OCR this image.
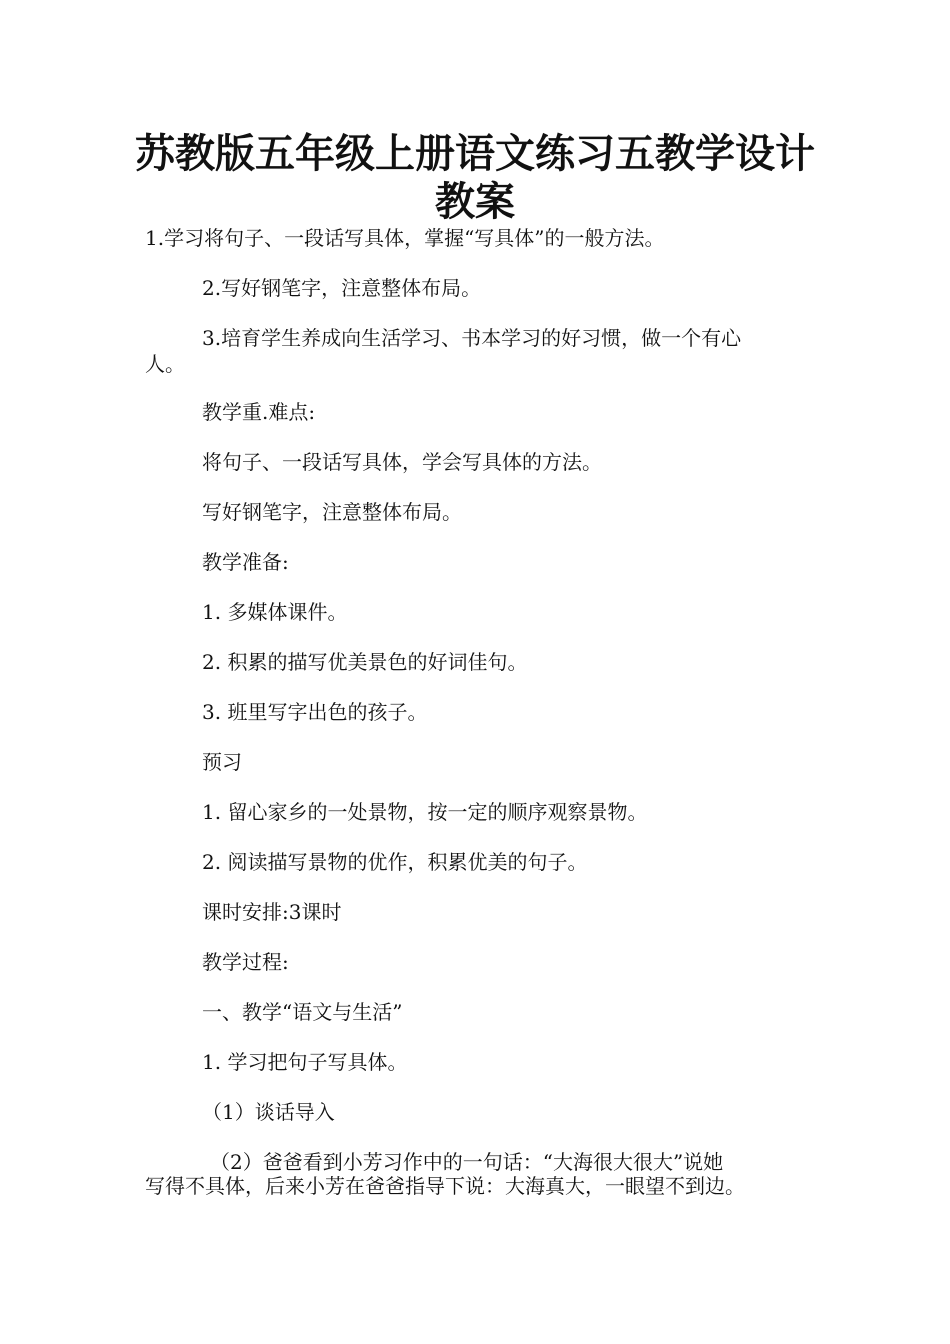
苏教版五年级上册语文练习五教学设计
教案

1.学习将句子、一段话写具体，掌握“写具体”的一般方法。

2.写好钢笔字，注意整体布局。

3.培育学生养成向生活学习、书本学习的好习惯，做一个有心

人。

教学重.难点:

将句子、一段话写具体，学会写具体的方法。

写好钢笔字，注意整体布局。

教学准备:

1. 多媒体课件。

2. 积累的描写优美景色的好词佳句。

3. 班里写字出色的孩子。

预习

1. 留心家乡的一处景物，按一定的顺序观察景物。

2. 阅读描写景物的优作，积累优美的句子。

课时安排:3课时

教学过程:

一、教学“语文与生活”

1. 学习把句子写具体。

（1）谈话导入

（2）爸爸看到小芳习作中的一句话：“大海很大很大”说她

写得不具体，后来小芳在爸爸指导下说：大海真大，一眼望不到边。
